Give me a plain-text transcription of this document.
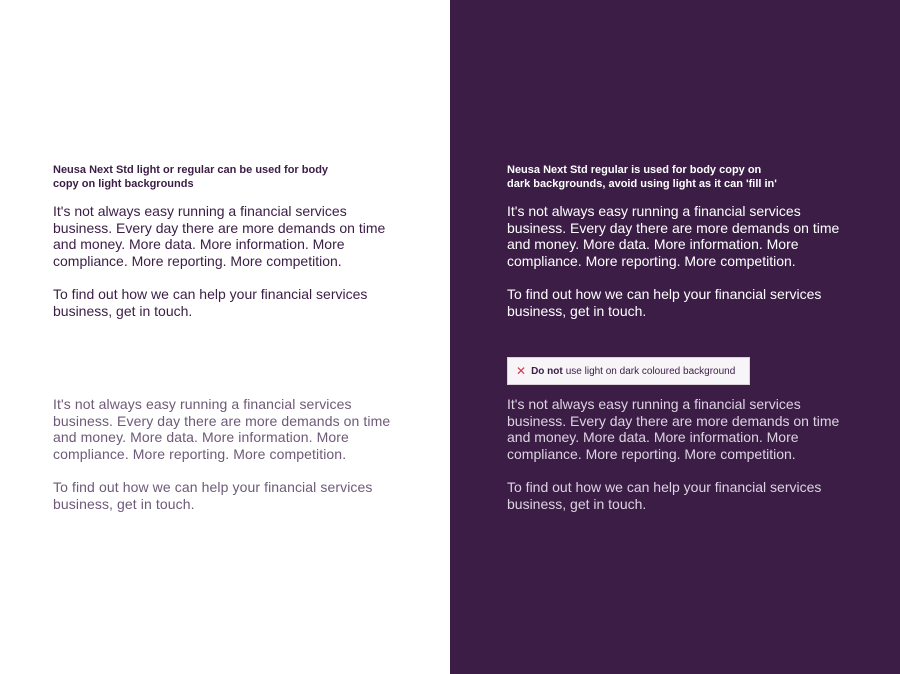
Neusa Next Std light or regular can be used for body
copy on light backgrounds

It's not always easy running a financial services business. Every day there are more demands on time and money. More data. More information. More compliance. More reporting. More competition.

To find out how we can help your financial services business, get in touch.

It's not always easy running a financial services business. Every day there are more demands on time and money. More data. More information. More compliance. More reporting. More competition.

To find out how we can help your financial services business, get in touch.

Neusa Next Std regular is used for body copy on
dark backgrounds, avoid using light as it can 'fill in'

It's not always easy running a financial services business. Every day there are more demands on time and money. More data. More information. More compliance. More reporting. More competition.

To find out how we can help your financial services business, get in touch.

✕ Do not use light on dark coloured background

It's not always easy running a financial services business. Every day there are more demands on time and money. More data. More information. More compliance. More reporting. More competition.

To find out how we can help your financial services business, get in touch.
